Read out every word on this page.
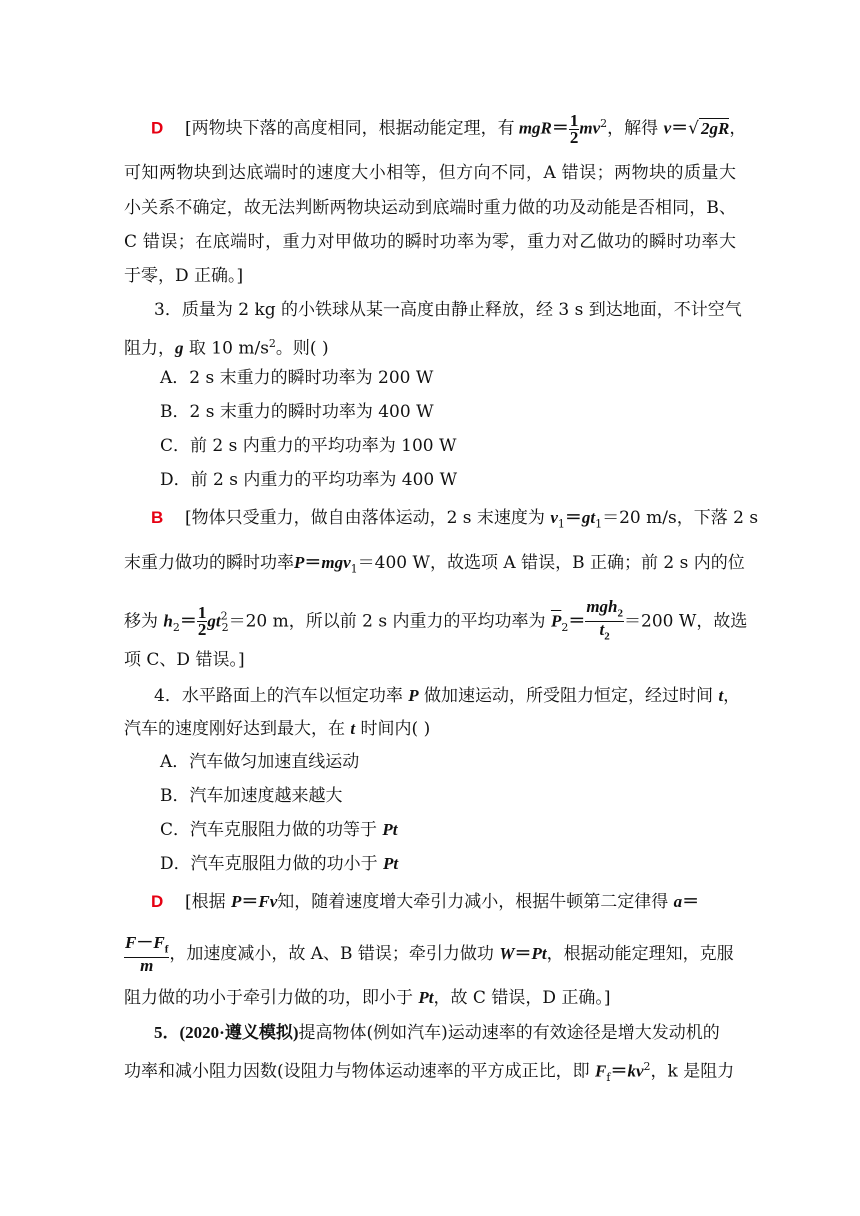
D [两物块下落的高度相同，根据动能定理，有 $mgR= \frac{1}{2} mv^2$，解得 v＝√ 2gR，
可知两物块到达底端时的速度大小相等，但方向不同，A 错误；两物块的质量大
小关系不确定，故无法判断两物块运动到底端时重力做的功及动能是否相同，B、
C 错误；在底端时，重力对甲做功的瞬时功率为零，重力对乙做功的瞬时功率大
于零，D 正确。]
3．质量为 2 kg 的小铁球从某一高度由静止释放，经 3 s 到达地面，不计空气
阻力，g 取 10 $m/s^2$。则( )
A．2 s 末重力的瞬时功率为 200 W
B．2 s 末重力的瞬时功率为 400 W
C．前 2 s 内重力的平均功率为 100 W
D．前 2 s 内重力的平均功率为 400 W
B [物体只受重力，做自由落体运动，2 s 末速度为 $v_1=gt_1=20$ m/s，下落 2 s
末重力做功的瞬时功率P＝mgv$_1$＝400 W，故选项 A 错误，B 正确；前 2 s 内的位
移为 $h_2= \frac{1}{2} gt^2_2=20$ m，所以前 2 s 内重力的平均功率为 $\overline{P}_2= \frac{mgh_2}{t_2} =200$ W，故选
项 C、D 错误。]
4．水平路面上的汽车以恒定功率 P 做加速运动，所受阻力恒定，经过时间 t，
汽车的速度刚好达到最大，在 t 时间内( )
A．汽车做匀加速直线运动
B．汽车加速度越来越大
C．汽车克服阻力做的功等于 Pt
D．汽车克服阻力做的功小于 Pt
D [根据 P＝Fv知，随着速度增大牵引力减小，根据牛顿第二定律得 a＝
$\frac{F-F_f}{m}$ ，加速度减小，故 A、B 错误；牵引力做功 W＝Pt，根据动能定理知，克服
阻力做的功小于牵引力做的功，即小于 Pt，故 C 错误，D 正确。]
5．(2020·遵义模拟)提高物体(例如汽车)运动速率的有效途径是增大发动机的
功率和减小阻力因数(设阻力与物体运动速率的平方成正比，即 $F_f=kv^2$，k 是阻力
